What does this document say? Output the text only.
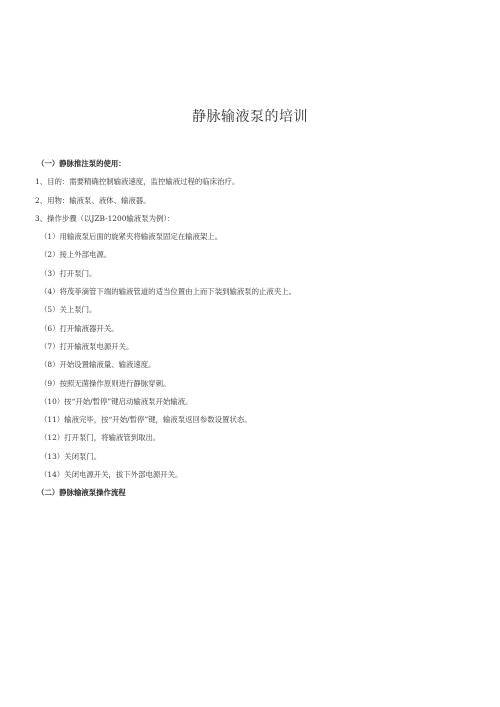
静脉输液泵的培训
（一）静脉推注泵的使用：
1、目的：需要精确控制输液速度，监控输液过程的临床治疗。
2、用物：输液泵、液体、输液器。
3、操作步骤（以JZB-1200输液泵为例）：
（1）用输液泵后面的旋紧夹将输液泵固定在输液架上。
（2）接上外部电源。
（3）打开泵门。
（4）将茂菲滴管下端的输液管道的适当位置由上而下装到输液泵的止液夹上。
（5）关上泵门。
（6）打开输液器开关。
（7）打开输液泵电源开关。
（8）开始设置输液量、输液速度。
（9）按照无菌操作原则进行静脉穿刺。
（10）按“开始/暂停”键启动输液泵开始输液。
（11）输液完毕，按“开始/暂停”键，输液泵返回参数设置状态。
（12）打开泵门，将输液管到取出。
（13）关闭泵门。
（14）关闭电源开关，拔下外部电源开关。
（二）静脉输液泵操作流程
